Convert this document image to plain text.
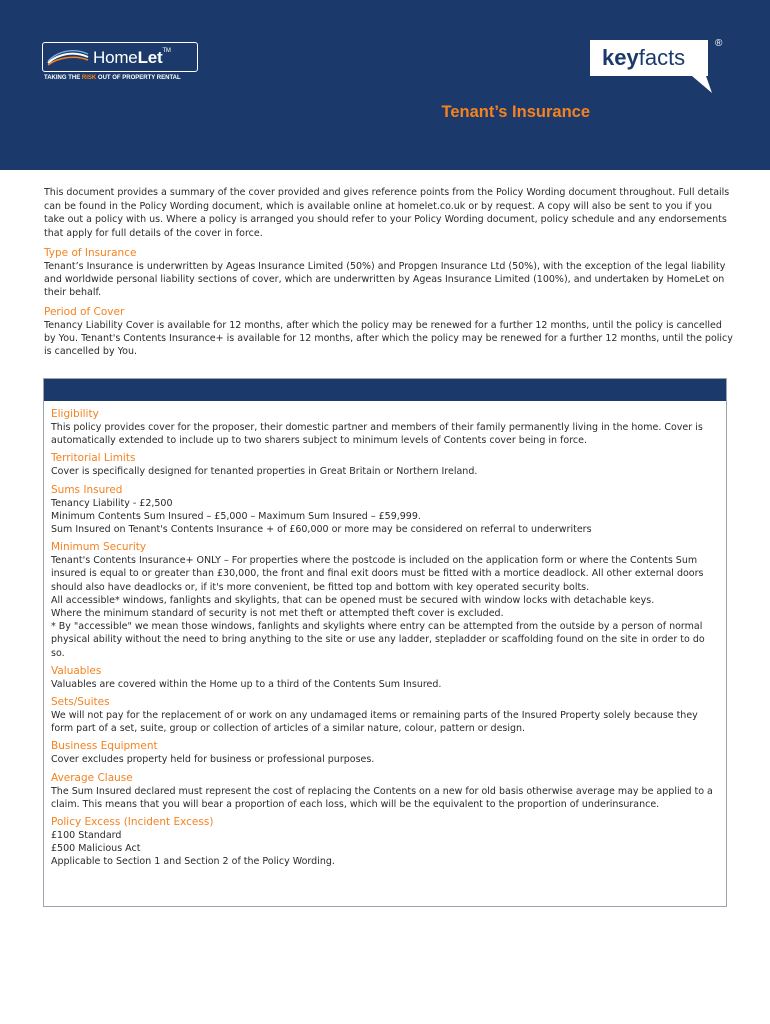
HomeLet™
TAKING THE RISK OUT OF PROPERTY RENTAL
keyfacts
®
Tenant’s Insurance Policy Summary

This document provides a summary of the cover provided and gives reference points from the Policy Wording document throughout. Full details can be found in the Policy Wording document, which is available online at homelet.co.uk or by request. A copy will also be sent to you if you take out a policy with us. Where a policy is arranged you should refer to your Policy Wording document, policy schedule and any endorsements that apply for full details of the cover in force.

Type of Insurance
Tenant’s Insurance is underwritten by Ageas Insurance Limited (50%) and Propgen Insurance Ltd (50%), with the exception of the legal liability and worldwide personal liability sections of cover, which are underwritten by Ageas Insurance Limited (100%), and undertaken by HomeLet on their behalf.
Period of Cover
Tenancy Liability Cover is available for 12 months, after which the policy may be renewed for a further 12 months, until the policy is cancelled by You. Tenant's Contents Insurance+ is available for 12 months, after which the policy may be renewed for a further 12 months, until the policy is cancelled by You.
Eligibility
This policy provides cover for the proposer, their domestic partner and members of their family permanently living in the home. Cover is automatically extended to include up to two sharers subject to minimum levels of Contents cover being in force.
Territorial Limits
Cover is specifically designed for tenanted properties in Great Britain or Northern Ireland.
Sums Insured
Tenancy Liability - £2,500
Minimum Contents Sum Insured – £5,000 – Maximum Sum Insured – £59,999.
Sum Insured on Tenant's Contents Insurance + of £60,000 or more may be considered on referral to underwriters
Minimum Security
Tenant's Contents Insurance+ ONLY – For properties where the postcode is included on the application form or where the Contents Sum insured is equal to or greater than £30,000, the front and final exit doors must be fitted with a mortice deadlock. All other external doors should also have deadlocks or, if it's more convenient, be fitted top and bottom with key operated security bolts.
All accessible* windows, fanlights and skylights, that can be opened must be secured with window locks with detachable keys.
Where the minimum standard of security is not met theft or attempted theft cover is excluded.
* By "accessible" we mean those windows, fanlights and skylights where entry can be attempted from the outside by a person of normal physical ability without the need to bring anything to the site or use any ladder, stepladder or scaffolding found on the site in order to do so.
Valuables
Valuables are covered within the Home up to a third of the Contents Sum Insured.
Sets/Suites
We will not pay for the replacement of or work on any undamaged items or remaining parts of the Insured Property solely because they form part of a set, suite, group or collection of articles of a similar nature, colour, pattern or design.
Business Equipment
Cover excludes property held for business or professional purposes.
Average Clause
The Sum Insured declared must represent the cost of replacing the Contents on a new for old basis otherwise average may be applied to a claim. This means that you will bear a proportion of each loss, which will be the equivalent to the proportion of underinsurance.
Policy Excess (Incident Excess)
£100 Standard
£500 Malicious Act
Applicable to Section 1 and Section 2 of the Policy Wording.
